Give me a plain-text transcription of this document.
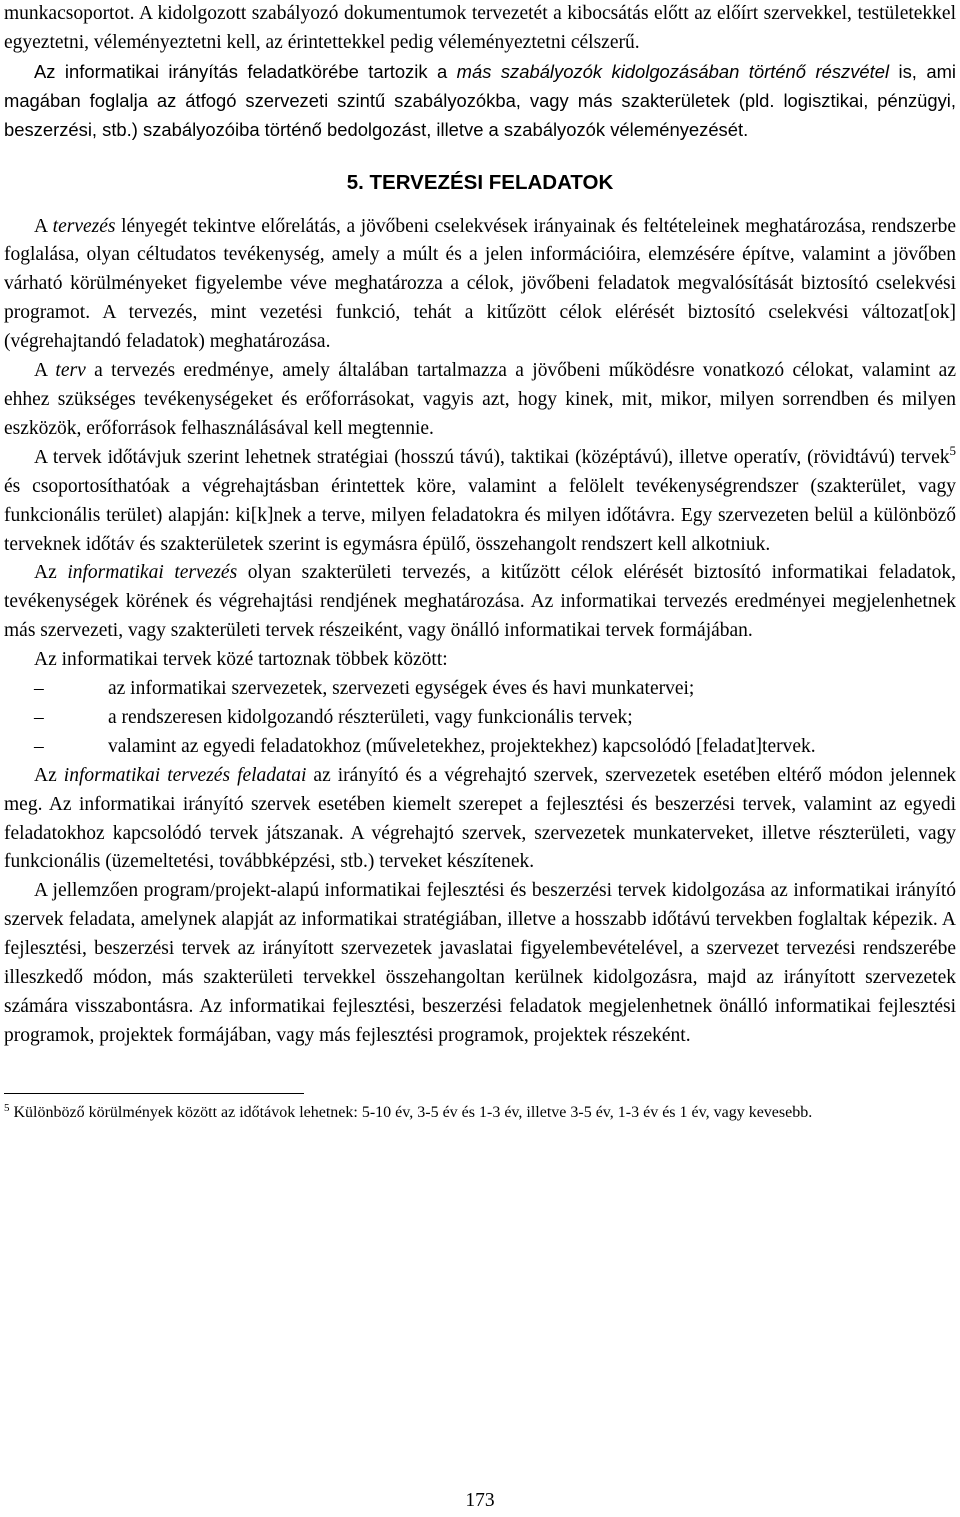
munkacsoportot. A kidolgozott szabályozó dokumentumok tervezetét a kibocsátás előtt az előírt szervekkel, testületekkel egyeztetni, véleményeztetni kell, az érintettekkel pedig véleményeztetni célszerű.

Az informatikai irányítás feladatkörébe tartozik a más szabályozók kidolgozásában történő részvétel is, ami magában foglalja az átfogó szervezeti szintű szabályozókba, vagy más szakterületek (pld. logisztikai, pénzügyi, beszerzési, stb.) szabályozóiba történő bedolgozást, illetve a szabályozók véleményezését.

5. TERVEZÉSI FELADATOK

A tervezés lényegét tekintve előrelátás, a jövőbeni cselekvések irányainak és feltételeinek meghatározása, rendszerbe foglalása, olyan céltudatos tevékenység, amely a múlt és a jelen információira, elemzésére építve, valamint a jövőben várható körülményeket figyelembe véve meghatározza a célok, jövőbeni feladatok megvalósítását biztosító cselekvési programot. A tervezés, mint vezetési funkció, tehát a kitűzött célok elérését biztosító cselekvési változat[ok] (végrehajtandó feladatok) meghatározása.

A terv a tervezés eredménye, amely általában tartalmazza a jövőbeni működésre vonatkozó célokat, valamint az ehhez szükséges tevékenységeket és erőforrásokat, vagyis azt, hogy kinek, mit, mikor, milyen sorrendben és milyen eszközök, erőforrások felhasználásával kell megtennie.

A tervek időtávjuk szerint lehetnek stratégiai (hosszú távú), taktikai (középtávú), illetve operatív, (rövidtávú) tervek$^5$ és csoportosíthatóak a végrehajtásban érintettek köre, valamint a felölelt tevékenységrendszer (szakterület, vagy funkcionális terület) alapján: ki[k]nek a terve, milyen feladatokra és milyen időtávra. Egy szervezeten belül a különböző terveknek időtáv és szakterületek szerint is egymásra épülő, összehangolt rendszert kell alkotniuk.

Az informatikai tervezés olyan szakterületi tervezés, a kitűzött célok elérését biztosító informatikai feladatok, tevékenységek körének és végrehajtási rendjének meghatározása. Az informatikai tervezés eredményei megjelenhetnek más szervezeti, vagy szakterületi tervek részeiként, vagy önálló informatikai tervek formájában.

Az informatikai tervek közé tartoznak többek között:

–	az informatikai szervezetek, szervezeti egységek éves és havi munkatervei;
–	a rendszeresen kidolgozandó részterületi, vagy funkcionális tervek;
–	valamint az egyedi feladatokhoz (műveletekhez, projektekhez) kapcsolódó [feladat]tervek.

Az informatikai tervezés feladatai az irányító és a végrehajtó szervek, szervezetek esetében eltérő módon jelennek meg. Az informatikai irányító szervek esetében kiemelt szerepet a fejlesztési és beszerzési tervek, valamint az egyedi feladatokhoz kapcsolódó tervek játszanak. A végrehajtó szervek, szervezetek munkaterveket, illetve részterületi, vagy funkcionális (üzemeltetési, továbbképzési, stb.) terveket készítenek.

A jellemzően program/projekt-alapú informatikai fejlesztési és beszerzési tervek kidolgozása az informatikai irányító szervek feladata, amelynek alapját az informatikai stratégiában, illetve a hosszabb időtávú tervekben foglaltak képezik. A fejlesztési, beszerzési tervek az irányított szervezetek javaslatai figyelembevételével, a szervezet tervezési rendszerébe illeszkedő módon, más szakterületi tervekkel összehangoltan kerülnek kidolgozásra, majd az irányított szervezetek számára visszabontásra. Az informatikai fejlesztési, beszerzési feladatok megjelenhetnek önálló informatikai fejlesztési programok, projektek formájában, vagy más fejlesztési programok, projektek részeként.

$^5$ Különböző körülmények között az időtávok lehetnek: 5-10 év, 3-5 év és 1-3 év, illetve 3-5 év, 1-3 év és 1 év, vagy kevesebb.
173
